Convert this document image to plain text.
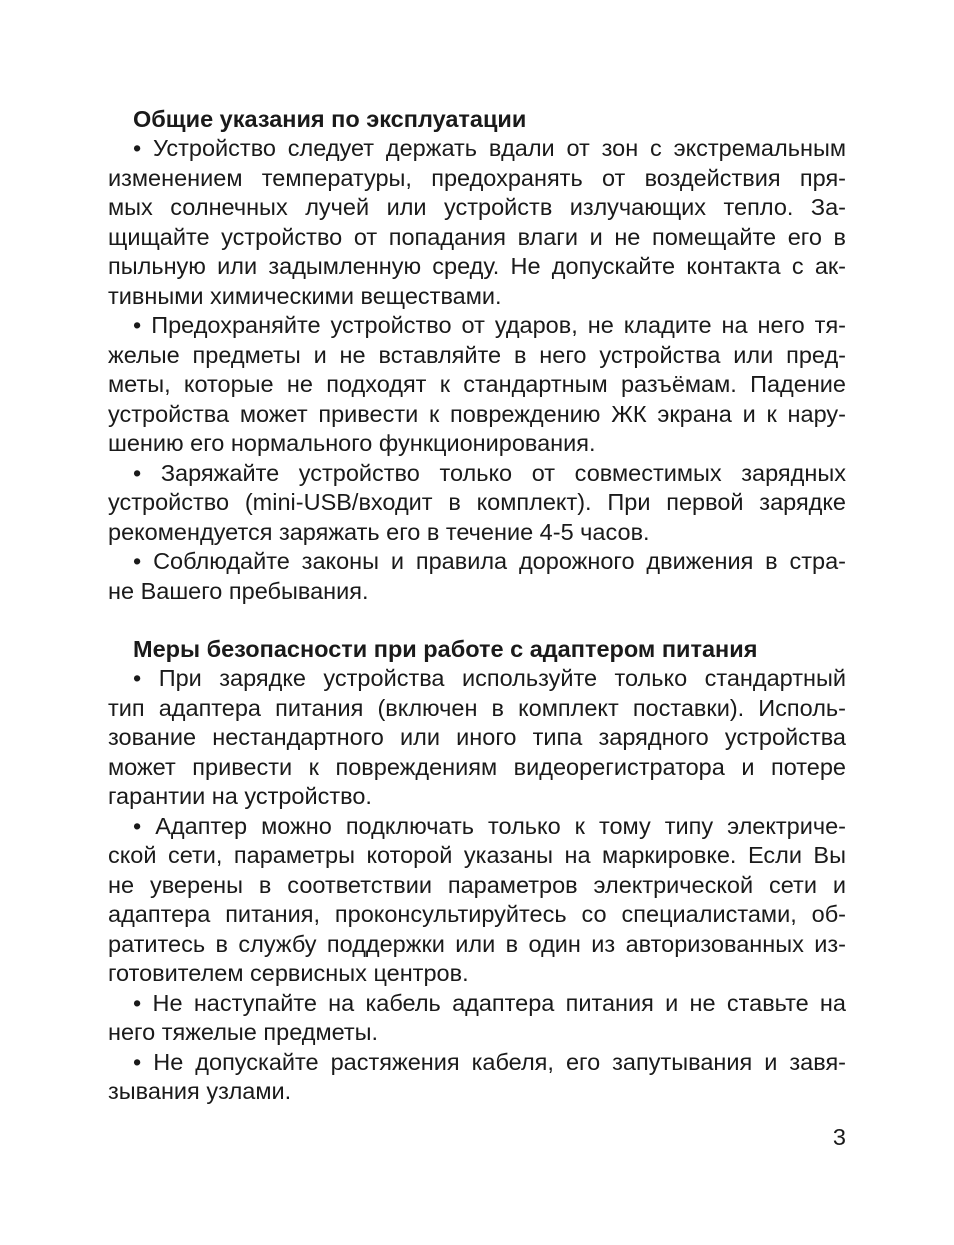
Общие указания по эксплуатации

• Устройство следует держать вдали от зон с экстремальным
изменением температуры, предохранять от воздействия пря-
мых солнечных лучей или устройств излучающих тепло. За-
щищайте устройство от попадания влаги и не помещайте его в
пыльную или задымленную среду. Не допускайте контакта с ак-
тивными химическими веществами.

• Предохраняйте устройство от ударов, не кладите на него тя-
желые предметы и не вставляйте в него устройства или пред-
меты, которые не подходят к стандартным разъёмам. Падение
устройства может привести к повреждению ЖК экрана и к нару-
шению его нормального функционирования.

• Заряжайте устройство только от совместимых зарядных
устройство (mini-USB/входит в комплект). При первой зарядке
рекомендуется заряжать его в течение 4-5 часов.

• Соблюдайте законы и правила дорожного движения в стра-
не Вашего пребывания.

Меры безопасности при работе с адаптером питания

• При зарядке устройства используйте только стандартный
тип адаптера питания (включен в комплект поставки). Исполь-
зование нестандартного или иного типа зарядного устройства
может привести к повреждениям видеорегистратора и потере
гарантии на устройство.

• Адаптер можно подключать только к тому типу электриче-
ской сети, параметры которой указаны на маркировке. Если Вы
не уверены в соответствии параметров электрической сети и
адаптера питания, проконсультируйтесь со специалистами, об-
ратитесь в службу поддержки или в один из авторизованных из-
готовителем сервисных центров.

• Не наступайте на кабель адаптера питания и не ставьте на
него тяжелые предметы.

• Не допускайте растяжения кабеля, его запутывания и завя-
зывания узлами.

3
